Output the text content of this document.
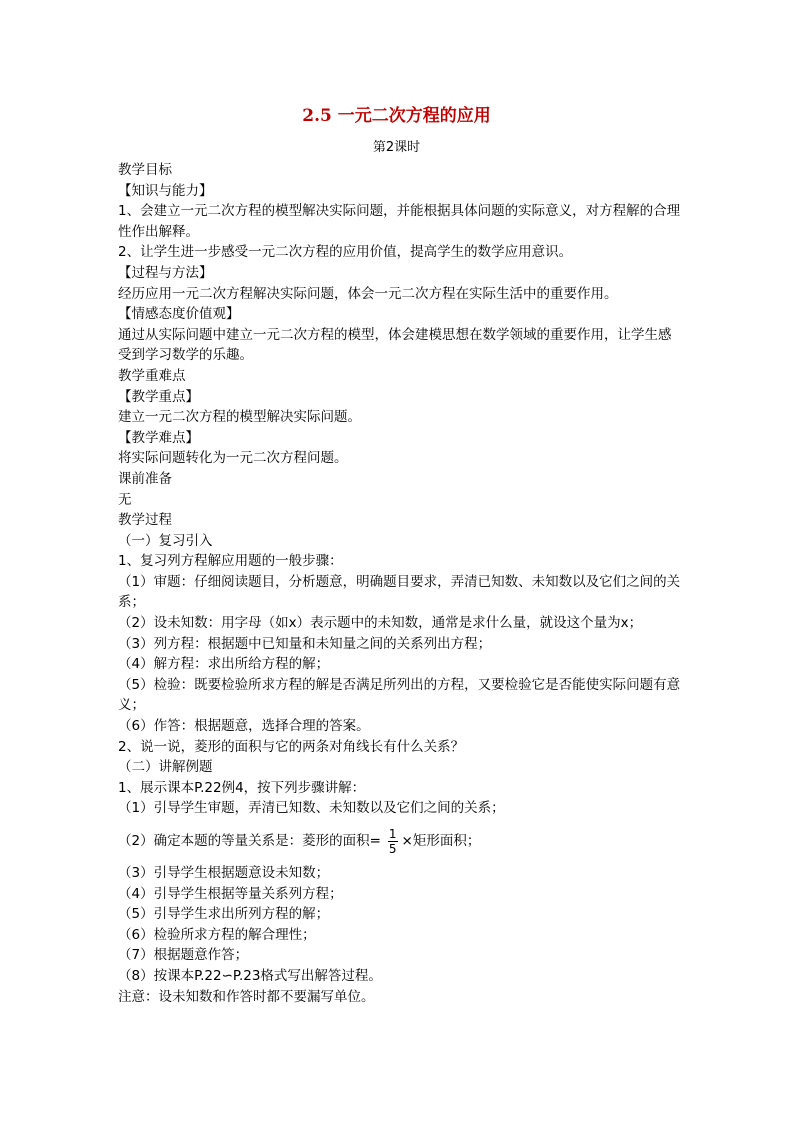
2.5 一元二次方程的应用
第2课时
教学目标
【知识与能力】
1、会建立一元二次方程的模型解决实际问题，并能根据具体问题的实际意义，对方程解的合理性作出解释。
2、让学生进一步感受一元二次方程的应用价值，提高学生的数学应用意识。
【过程与方法】
经历应用一元二次方程解决实际问题，体会一元二次方程在实际生活中的重要作用。
【情感态度价值观】
通过从实际问题中建立一元二次方程的模型，体会建模思想在数学领域的重要作用，让学生感受到学习数学的乐趣。
教学重难点
【教学重点】
建立一元二次方程的模型解决实际问题。
【教学难点】
将实际问题转化为一元二次方程问题。
课前准备
无
教学过程
（一）复习引入
1、复习列方程解应用题的一般步骤：
（1）审题：仔细阅读题目，分析题意，明确题目要求，弄清已知数、未知数以及它们之间的关系；
（2）设未知数：用字母（如x）表示题中的未知数，通常是求什么量，就设这个量为x；
（3）列方程：根据题中已知量和未知量之间的关系列出方程；
（4）解方程：求出所给方程的解；
（5）检验：既要检验所求方程的解是否满足所列出的方程，又要检验它是否能使实际问题有意义；
（6）作答：根据题意，选择合理的答案。
2、说一说，菱形的面积与它的两条对角线长有什么关系？
（二）讲解例题
1、展示课本P.22例4，按下列步骤讲解：
（1）引导学生审题，弄清已知数、未知数以及它们之间的关系；
（2）确定本题的等量关系是：菱形的面积= $\frac{1}{5}$ ×矩形面积；
（3）引导学生根据题意设未知数；
（4）引导学生根据等量关系列方程；
（5）引导学生求出所列方程的解；
（6）检验所求方程的解合理性；
（7）根据题意作答；
（8）按课本P.22∽P.23格式写出解答过程。
注意：设未知数和作答时都不要漏写单位。
